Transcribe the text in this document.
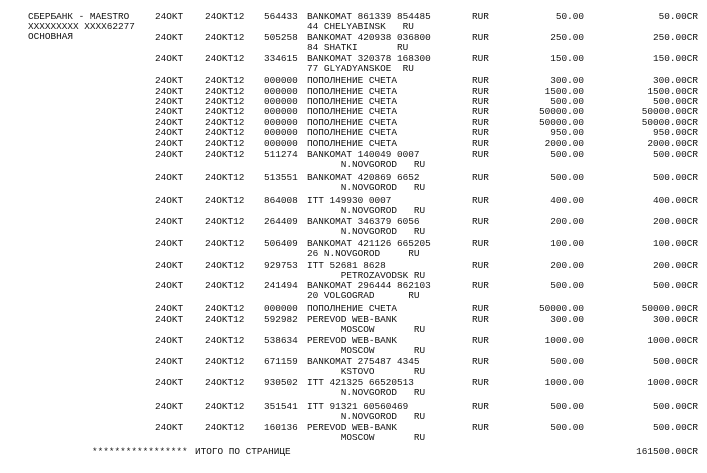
СБЕРБАНК - MAESTRO
XXXXXXXXX XXXX62277
ОСНОВНАЯ
24OKT 24OKT12 564433 BANKOMAT 861339 854485
44 CHELYABINSK   RU
RUR	50.00	50.00CR
24OKT 24OKT12 505258 BANKOMAT 420938 036800
84 SHATKI       RU
RUR	250.00	250.00CR
24OKT 24OKT12 334615 BANKOMAT 320378 168300
77 GLYADYANSKOE  RU
RUR	150.00	150.00CR
24OKT 24OKT12 000000 ПОПОЛНЕНИЕ СЧЕТА	RUR	300.00	300.00CR
24OKT 24OKT12 000000 ПОПОЛНЕНИЕ СЧЕТА	RUR	1500.00	1500.00CR
24OKT 24OKT12 000000 ПОПОЛНЕНИЕ СЧЕТА	RUR	500.00	500.00CR
24OKT 24OKT12 000000 ПОПОЛНЕНИЕ СЧЕТА	RUR	50000.00	50000.00CR
24OKT 24OKT12 000000 ПОПОЛНЕНИЕ СЧЕТА	RUR	50000.00	50000.00CR
24OKT 24OKT12 000000 ПОПОЛНЕНИЕ СЧЕТА	RUR	950.00	950.00CR
24OKT 24OKT12 000000 ПОПОЛНЕНИЕ СЧЕТА	RUR	2000.00	2000.00CR
24OKT 24OKT12 511274 BANKOMAT 140049 0007
N.NOVGOROD   RU
RUR	500.00	500.00CR
24OKT 24OKT12 513551 BANKOMAT 420869 6652
N.NOVGOROD   RU
RUR	500.00	500.00CR
24OKT 24OKT12 864008 ITT 149930 0007
N.NOVGOROD   RU
RUR	400.00	400.00CR
24OKT 24OKT12 264409 BANKOMAT 346379 6056
N.NOVGOROD   RU
RUR	200.00	200.00CR
24OKT 24OKT12 506409 BANKOMAT 421126 665205
26 N.NOVGOROD     RU
RUR	100.00	100.00CR
24OKT 24OKT12 929753 ITT 52681 8628
PETROZAVODSK RU
RUR	200.00	200.00CR
24OKT 24OKT12 241494 BANKOMAT 296444 862103
20 VOLGOGRAD      RU
RUR	500.00	500.00CR
24OKT 24OKT12 000000 ПОПОЛНЕНИЕ СЧЕТА	RUR	50000.00	50000.00CR
24OKT 24OKT12 592982 PEREVOD WEB-BANK
MOSCOW       RU
RUR	300.00	300.00CR
24OKT 24OKT12 538634 PEREVOD WEB-BANK
MOSCOW       RU
RUR	1000.00	1000.00CR
24OKT 24OKT12 671159 BANKOMAT 275487 4345
KSTOVO       RU
RUR	500.00	500.00CR
24OKT 24OKT12 930502 ITT 421325 66520513
N.NOVGOROD   RU
RUR	1000.00	1000.00CR
24OKT 24OKT12 351541 ITT 91321 60560469
N.NOVGOROD   RU
RUR	500.00	500.00CR
24OKT 24OKT12 160136 PEREVOD WEB-BANK
MOSCOW       RU
RUR	500.00	500.00CR
***************** ИТОГО ПО СТРАНИЦЕ	161500.00CR
